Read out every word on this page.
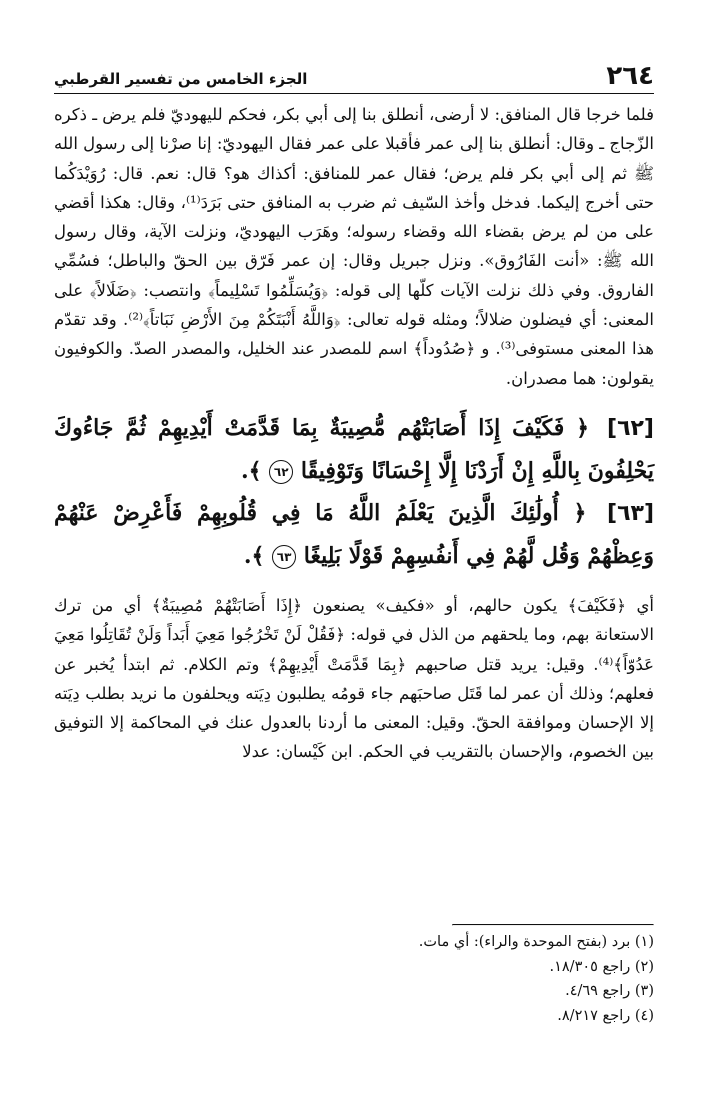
٢٦٤
الجزء الخامس من تفسير القرطبي

فلما خرجا قال المنافق: لا أرضى، أنطلق بنا إلى أبي بكر، فحكم لليهوديّ فلم يرض ـ ذكره الزّجاج ـ وقال: أنطلق بنا إلى عمر فأقبلا على عمر فقال اليهوديّ: إنا صرْنا إلى رسول الله ﷺ ثم إلى أبي بكر فلم يرض؛ فقال عمر للمنافق: أكذاك هو؟ قال: نعم. قال: رُوَيْدَكُما حتى أخرج إليكما. فدخل وأخذ السّيف ثم ضرب به المنافق حتى بَرَدَ⁽¹⁾، وقال: هكذا أقضي على من لم يرض بقضاء الله وقضاء رسوله؛ وهَرَب اليهوديّ، ونزلت الآية، وقال رسول الله ﷺ: «أنت الفَارُوق». ونزل جبريل وقال: إن عمر فَرّق بين الحقّ والباطل؛ فسُمِّي الفاروق. وفي ذلك نزلت الآيات كلّها إلى قوله: ﴿وَيُسَلِّمُوا تَسْلِيماً﴾ وانتصب: ﴿ضَلَالاً﴾ على المعنى: أي فيضلون ضلالاً؛ ومثله قوله تعالى: ﴿وَاللَّهُ أَنْبَتَكُمْ مِنَ الأَرْضِ نَبَاتاً﴾⁽²⁾. وقد تقدّم هذا المعنى مستوفى⁽³⁾. و ﴿صُدُوداً﴾ اسم للمصدر عند الخليل، والمصدر الصدّ. والكوفيون يقولون: هما مصدران.

[٦٢] ﴿ فَكَيْفَ إِذَا أَصَابَتْهُم مُّصِيبَةٌ بِمَا قَدَّمَتْ أَيْدِيهِمْ ثُمَّ جَاءُوكَ يَحْلِفُونَ بِاللَّهِ إِنْ أَرَدْنَا إِلَّا إِحْسَانًا وَتَوْفِيقًا ٦٢ ﴾.
[٦٣] ﴿ أُولَٰئِكَ الَّذِينَ يَعْلَمُ اللَّهُ مَا فِي قُلُوبِهِمْ فَأَعْرِضْ عَنْهُمْ وَعِظْهُمْ وَقُل لَّهُمْ فِي أَنفُسِهِمْ قَوْلًا بَلِيغًا ٦٣ ﴾.

أي ﴿فَكَيْفَ﴾ يكون حالهم، أو «فكيف» يصنعون ﴿إِذَا أَصَابَتْهُمْ مُصِيبَةٌ﴾ أي من ترك الاستعانة بهم، وما يلحقهم من الذل في قوله: ﴿فَقُلْ لَنْ تَخْرُجُوا مَعِيَ أَبَداً وَلَنْ تُقَاتِلُوا مَعِيَ عَدُوّاً﴾⁽⁴⁾. وقيل: يريد قتل صاحبهم ﴿بِمَا قَدَّمَتْ أَيْدِيهِمْ﴾ وتم الكلام. ثم ابتدأ يُخبر عن فعلهم؛ وذلك أن عمر لما قَتَل صاحبَهم جاء قومُه يطلبون دِيَته ويحلفون ما نريد بطلب دِيَته إلا الإحسان وموافقة الحقّ. وقيل: المعنى ما أردنا بالعدول عنك في المحاكمة إلا التوفيق بين الخصوم، والإحسان بالتقريب في الحكم. ابن كَيْسان: عدلا

(١) برد (بفتح الموحدة والراء): أي مات.
(٢) راجع ١٨/٣٠٥.
(٣) راجع ٤/٦٩.
(٤) راجع ٨/٢١٧.
